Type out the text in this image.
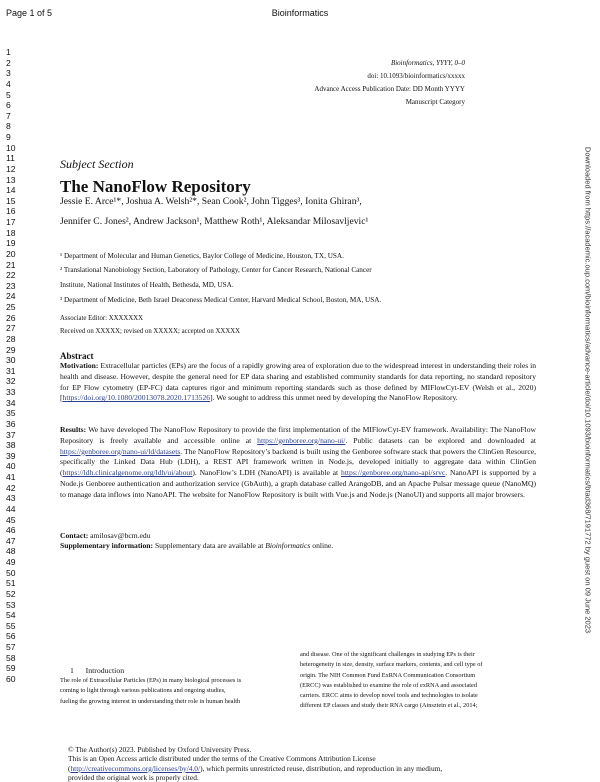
Page 1 of 5	Bioinformatics
1
2
3
4
5
6
7
8
9
10
11
12
13
14
15
16
17
18
19
20
21
22
23
24
25
26
27
28
29
30
31
32
33
34
35
36
37
38
39
40
41
42
43
44
45
46
47
48
49
50
51
52
53
54
55
56
57
58
59
60
Downloaded from https://academic.oup.com/bioinformatics/advance-article/doi/10.1093/bioinformatics/btad368/7191772 by guest on 09 June 2023
Bioinformatics, YYYY, 0–0
doi: 10.1093/bioinformatics/xxxxx
Advance Access Publication Date: DD Month YYYY
Manuscript Category
Subject Section
The NanoFlow Repository
Jessie E. Arce¹*, Joshua A. Welsh²*, Sean Cook², John Tigges³, Ionita Ghiran³,
Jennifer C. Jones², Andrew Jackson¹, Matthew Roth¹, Aleksandar Milosavljevic¹
¹ Department of Molecular and Human Genetics, Baylor College of Medicine, Houston, TX, USA.
² Translational Nanobiology Section, Laboratory of Pathology, Center for Cancer Research, National Cancer
Institute, National Institutes of Health, Bethesda, MD, USA.
³ Department of Medicine, Beth Israel Deaconess Medical Center, Harvard Medical School, Boston, MA, USA.
Associate Editor: XXXXXXX
Received on XXXXX; revised on XXXXX; accepted on XXXXX
Abstract
Motivation: Extracellular particles (EPs) are the focus of a rapidly growing area of exploration due to the widespread interest in understanding their roles in health and disease. However, despite the general need for EP data sharing and established community standards for data reporting, no standard repository for EP Flow cytometry (EP-FC) data captures rigor and minimum reporting standards such as those defined by MIFlowCyt-EV (Welsh et al., 2020)[https://doi.org/10.1080/20013078.2020.1713526]. We sought to address this unmet need by developing the NanoFlow Repository.
Results: We have developed The NanoFlow Repository to provide the first implementation of the MIFlowCyt-EV framework. Availability: The NanoFlow Repository is freely available and accessible online at https://genboree.org/nano-ui/. Public datasets can be explored and downloaded at https://genboree.org/nano-ui/ld/datasets. The NanoFlow Repository’s backend is built using the Genboree software stack that powers the ClinGen Resource, specifically the Linked Data Hub (LDH), a REST API framework written in Node.js, developed initially to aggregate data within ClinGen (https://ldh.clinicalgenome.org/ldh/ui/about). NanoFlow’s LDH (NanoAPI) is available at https://genboree.org/nano-api/srvc. NanoAPI is supported by a Node.js Genboree authentication and authorization service (GbAuth), a graph database called ArangoDB, and an Apache Pulsar message queue (NanoMQ) to manage data inflows into NanoAPI. The website for NanoFlow Repository is built with Vue.js and Node.js (NanoUI) and supports all major browsers.
Contact: amilosav@bcm.edu
Supplementary information: Supplementary data are available at Bioinformatics online.
1      Introduction
The role of Extracellular Particles (EPs) in many biological processes is
coming to light through various publications and ongoing studies,
fueling the growing interest in understanding their role in human health
and disease. One of the significant challenges in studying EPs is their
heterogeneity in size, density, surface markers, contents, and cell type of
origin. The NIH Common Fund ExRNA Communication Consortium
(ERCC) was established to examine the role of exRNA and associated
carriers. ERCC aims to develop novel tools and technologies to isolate
different EP classes and study their RNA cargo (Ainsztein et al., 2014;
© The Author(s) 2023. Published by Oxford University Press.
This is an Open Access article distributed under the terms of the Creative Commons Attribution License
(http://creativecommons.org/licenses/by/4.0/), which permits unrestricted reuse, distribution, and reproduction in any medium,
provided the original work is properly cited.
